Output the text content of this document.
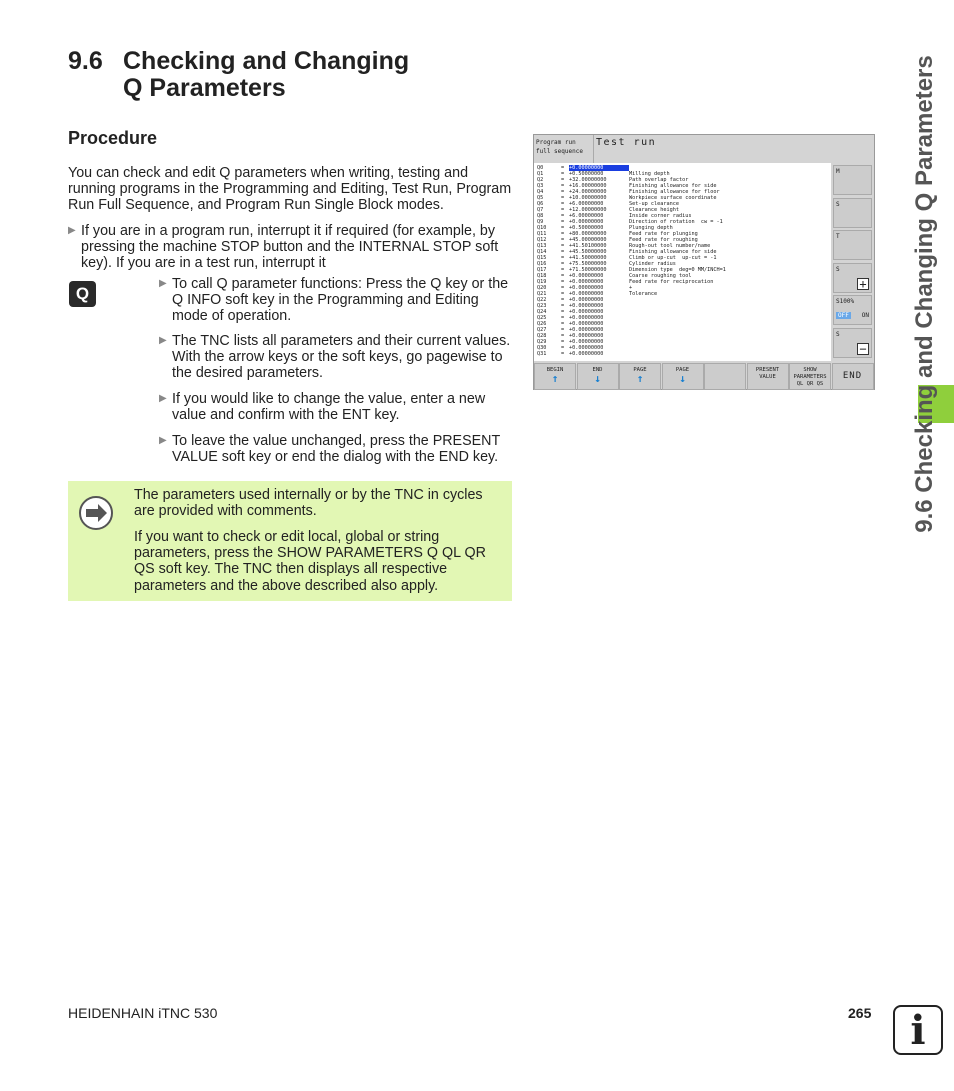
9.6 Checking and Changing
Q Parameters
Procedure
You can check and edit Q parameters when writing, testing and running programs in the Programming and Editing, Test Run, Program Run Full Sequence, and Program Run Single Block modes.
▶ If you are in a program run, interrupt it if required (for example, by pressing the machine STOP button and the INTERNAL STOP soft key). If you are in a test run, interrupt it
Q
▶ To call Q parameter functions: Press the Q key or the Q INFO soft key in the Programming and Editing mode of operation.
▶ The TNC lists all parameters and their current values. With the arrow keys or the soft keys, go pagewise to the desired parameters.
▶ If you would like to change the value, enter a new value and confirm with the ENT key.
▶ To leave the value unchanged, press the PRESENT VALUE soft key or end the dialog with the END key.
The parameters used internally or by the TNC in cycles are provided with comments.
If you want to check or edit local, global or string parameters, press the SHOW PARAMETERS Q QL QR QS soft key. The TNC then displays all respective parameters and the above described also apply.
Program run full sequence
Test run
Q0	= +0.00000000
Q1	= +0.50000000	Milling depth
Q2	= +32.00000000	Path overlap factor
Q3	= +16.00000000	Finishing allowance for side
Q4	= +24.00000000	Finishing allowance for floor
Q5	= +10.00000000	Workpiece surface coordinate
Q6	= +6.00000000	Set-up clearance
Q7	= +12.00000000	Clearance height
Q8	= +6.00000000	Inside corner radius
Q9	= +0.00000000	Direction of rotation  cw = -1
Q10	= +0.50000000	Plunging depth
Q11	= +80.00000000	Feed rate for plunging
Q12	= +45.00000000	Feed rate for roughing
Q13	= +41.50100000	Rough-out tool number/name
Q14	= +45.50000000	Finishing allowance for side
Q15	= +41.50000000	Climb or up-cut  up-cut = -1
Q16	= +75.50000000	Cylinder radius
Q17	= +71.50000000	Dimension type  deg=0 MM/INCH=1
Q18	= +0.00000000	Coarse roughing tool
Q19	= +0.00000000	Feed rate for reciprocation
Q20	= +0.00000000	+
Q21	= +0.00000000	Tolerance
Q22	= +0.00000000
Q23	= +0.00000000
Q24	= +0.00000000
Q25	= +0.00000000
Q26	= +0.00000000
Q27	= +0.00000000
Q28	= +0.00000000
Q29	= +0.00000000
Q30	= +0.00000000
Q31	= +0.00000000
M
S
T
S
+
S100%
OFF ON
S
−
BEGIN
↑
END
↓
PAGE
↑
PAGE
↓
PRESENT VALUE
SHOW PARAMETERS
QL QR QS
END	9.6 Checking and Changing Q Parameters
HEIDENHAIN iTNC 530	265 i
